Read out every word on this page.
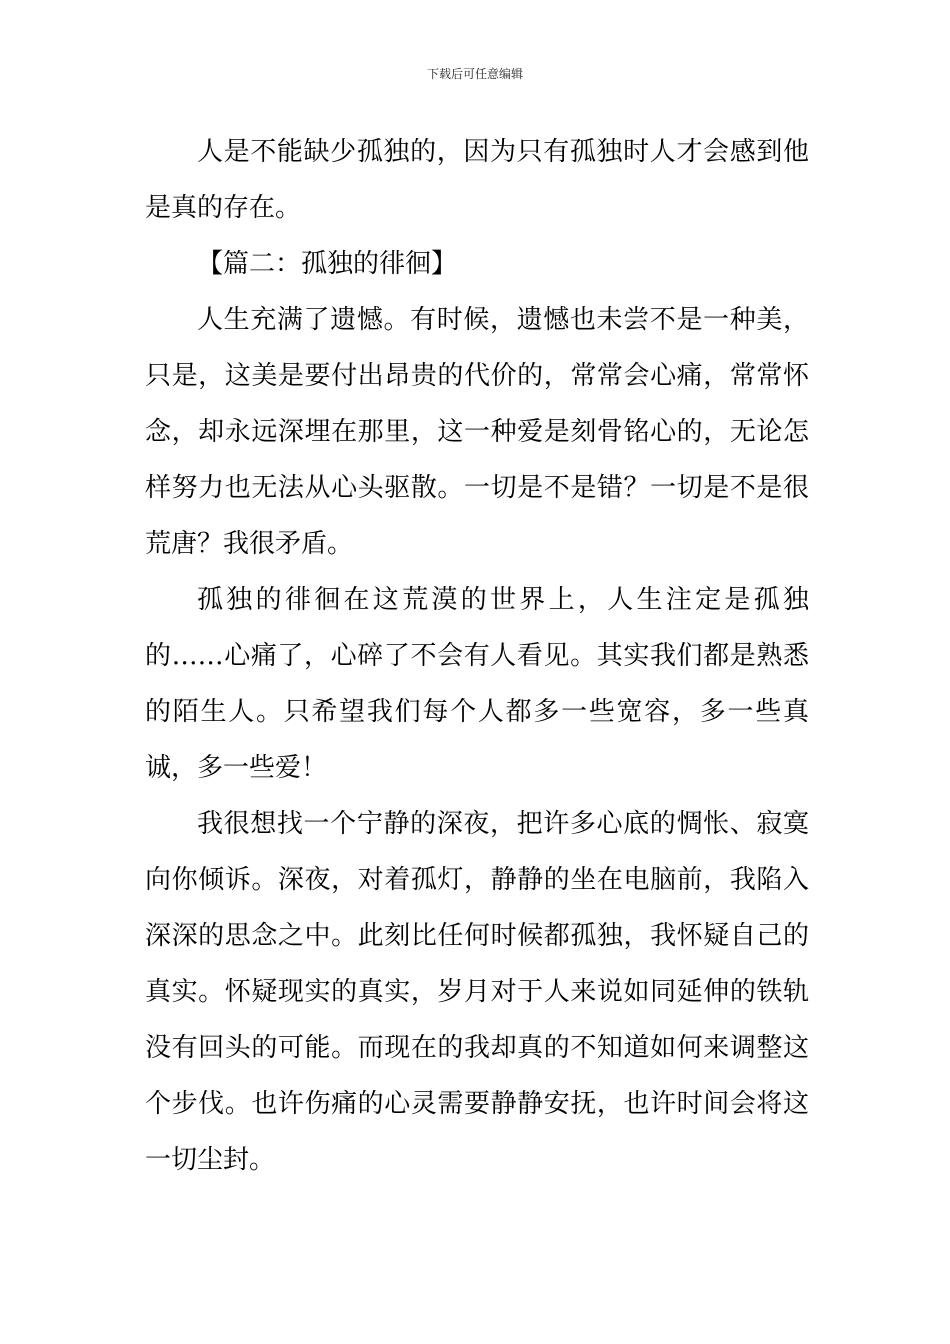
下载后可任意编辑

人是不能缺少孤独的，因为只有孤独时人才会感到他是真的存在。

【篇二：孤独的徘徊】

人生充满了遗憾。有时候，遗憾也未尝不是一种美，只是，这美是要付出昂贵的代价的，常常会心痛，常常怀念，却永远深埋在那里，这一种爱是刻骨铭心的，无论怎样努力也无法从心头驱散。一切是不是错？一切是不是很荒唐？我很矛盾。

孤独的徘徊在这荒漠的世界上，人生注定是孤独的……心痛了，心碎了不会有人看见。其实我们都是熟悉的陌生人。只希望我们每个人都多一些宽容，多一些真诚，多一些爱！

我很想找一个宁静的深夜，把许多心底的惆怅、寂寞向你倾诉。深夜，对着孤灯，静静的坐在电脑前，我陷入深深的思念之中。此刻比任何时候都孤独，我怀疑自己的真实。怀疑现实的真实，岁月对于人来说如同延伸的铁轨没有回头的可能。而现在的我却真的不知道如何来调整这个步伐。也许伤痛的心灵需要静静安抚，也许时间会将这一切尘封。
